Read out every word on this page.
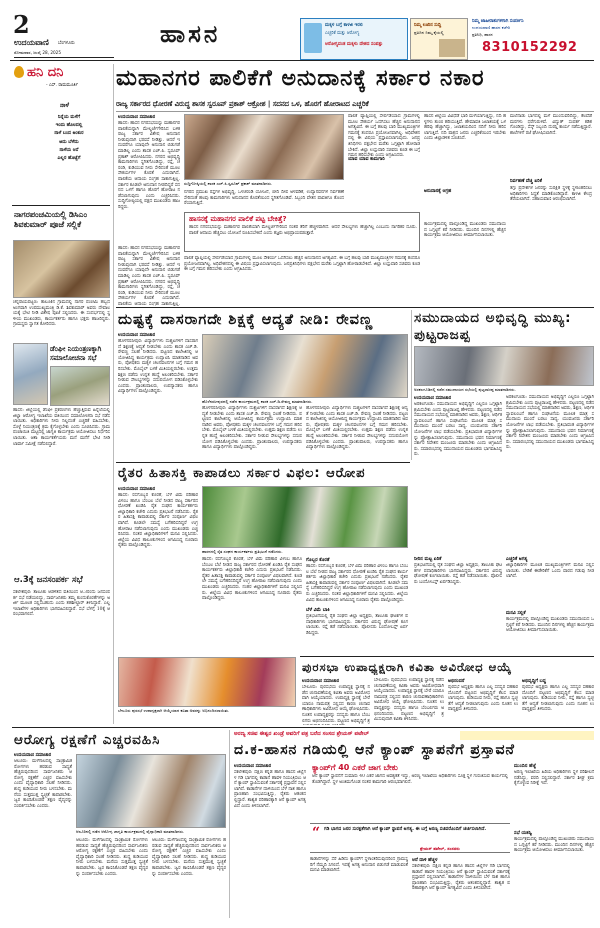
2
ಉದಯವಾಣಿ ಬೆಂಗಳೂರು
ಸೋಮವಾರ, ಜುಲೈ 28, 2025
ಹಾಸನ	ಮಕ್ಕಳ ಬಗ್ಗೆ ಕಾಳಜಿ ಇರಲಿ
ಎಚ್ಚರಿಕೆ ಮತ್ತು ಆರೋಗ್ಯ
ಆರೋಗ್ಯವಂತ ಮಕ್ಕಳು ದೇಶದ ಸಂಪತ್ತು
ನಿಮ್ಮ ಊರಿನ ಸುದ್ದಿ
ಪ್ರತಿದಿನ ನಿಮ್ಮ ಕೈಯಲ್ಲಿ
ನಿಮ್ಮ ಜಾಹೀರಾತುಗಳಿಗಾಗಿ ಸಂಪರ್ಕಿಸಿ
ಉದಯವಾಣಿ ಹಾಸನ ಕಚೇರಿ
ಪ್ರತಿನಿಧಿ, ಹಾಸನ
8310152292
ಹನಿ ದನಿ
- ಎಸ್. ರಾಮಮೂರ್ತಿ
ನಾಳೆ
ನಿನ್ನೆಯ ಮಳೆಗೆ
ಇಂದು ಹೊಲದಲ್ಲಿ
ನಾಳೆ ಬಂದ ಅಂಕುರ
ಅದು ಬೆಳೆದು
ನಾಳೆಯ ಆಸೆ
ಎಲ್ಲರ ಹೊಟ್ಟೆಗೆ
ನಾಗರಪಂಚಮಿಯಲ್ಲಿ ಡಿಸಿಎಂ ಶಿವಕುಮಾರ್ ಪೂಜೆ ಸಲ್ಲಿಕೆ
ಚನ್ನರಾಯಪಟ್ಟಣ: ತಾಲೂಕಿನ ಗ್ರಾಮದಲ್ಲಿ ನಾಗರ ಪಂಚಮಿ ಹಬ್ಬದ ಅಂಗವಾಗಿ ಉಪಮುಖ್ಯಮಂತ್ರಿ ಡಿ.ಕೆ. ಶಿವಕುಮಾರ್ ಅವರು ದೇವಾಲಯಕ್ಕೆ ಭೇಟಿ ನೀಡಿ ವಿಶೇಷ ಪೂಜೆ ಸಲ್ಲಿಸಿದರು. ಈ ಸಂದರ್ಭದಲ್ಲಿ ಸ್ಥಳೀಯ ಮುಖಂಡರು, ಕಾರ್ಯಕರ್ತರು ಹಾಗೂ ಭಕ್ತರು ಹಾಜರಿದ್ದರು. ಗ್ರಾಮಸ್ಥರು ಸ್ವಾಗತ ಕೋರಿದರು.
ಡೆಂಘೀ ನಿಯಂತ್ರಣಕ್ಕಾಗಿ ಸಮಾಲೋಚನಾ ಸಭೆ
ಹಾಸನ: ಜಿಲ್ಲೆಯಲ್ಲಿ ಡೆಂಘೀ ಪ್ರಕರಣಗಳು ಹೆಚ್ಚುತ್ತಿರುವ ಹಿನ್ನೆಲೆಯಲ್ಲಿ ಜಿಲ್ಲಾ ಆರೋಗ್ಯ ಇಲಾಖೆಯ ವತಿಯಿಂದ ಸಮಾಲೋಚನಾ ಸಭೆ ನಡೆಸಲಾಯಿತು. ಅಧಿಕಾರಿಗಳು ನೀರು ನಿಲ್ಲದಂತೆ ಎಚ್ಚರಿಕೆ ವಹಿಸಬೇಕು, ಸೊಳ್ಳೆ ನಿಯಂತ್ರಣಕ್ಕೆ ಕ್ರಮ ಕೈಗೊಳ್ಳಬೇಕು ಎಂದು ಸೂಚಿಸಿದರು. ಗ್ರಾಮ ಪಂಚಾಯಿತಿ ಮಟ್ಟದಲ್ಲಿ ಜಾಗೃತಿ ಕಾರ್ಯಕ್ರಮ ಆಯೋಜಿಸಲು ನಿರ್ಧರಿಸಲಾಯಿತು. ಆಶಾ ಕಾರ್ಯಕರ್ತೆಯರು ಮನೆ ಮನೆಗೆ ಭೇಟಿ ನೀಡಿ ಲಾರ್ವಾ ಸಮೀಕ್ಷೆ ನಡೆಸಲಿದ್ದಾರೆ.
ಆ.3ಕ್ಕೆ ಜನಸಂಪರ್ಕ ಸಭೆ
ಸಕಲೇಶಪುರ: ತಾಲೂಕು ಆಡಳಿತದ ವತಿಯಿಂದ ಆ.3ರಂದು ಜನಸಂಪರ್ಕ ಸಭೆ ನಡೆಯಲಿದ್ದು, ಸಾರ್ವಜನಿಕರು ತಮ್ಮ ಕುಂದುಕೊರತೆಗಳನ್ನು ಅರ್ಜಿ ಮೂಲಕ ಸಲ್ಲಿಸಬಹುದು ಎಂದು ತಹಶೀಲ್ದಾರ್ ತಿಳಿಸಿದ್ದಾರೆ. ಎಲ್ಲ ಇಲಾಖೆಗಳ ಅಧಿಕಾರಿಗಳು ಭಾಗವಹಿಸಲಿದ್ದಾರೆ. ಸಭೆ ಬೆಳಗ್ಗೆ 10ಕ್ಕೆ ಆರಂಭವಾಗಲಿದೆ.
ಮಹಾನಗರ ಪಾಲಿಕೆಗೆ ಅನುದಾನಕ್ಕೆ ಸರ್ಕಾರ ನಕಾರ
ರಾಜ್ಯ ಸರ್ಕಾರದ ಧೋರಣೆ ವಿರುದ್ಧ ಶಾಸಕ ಸ್ವರೂಪ್ ಪ್ರಕಾಶ್ ಆಕ್ರೋಶ | ಸದನದ ಒಳ, ಹೊರಗೆ ಹೋರಾಟದ ಎಚ್ಚರಿಕೆ
ಉದಯವಾಣಿ ಸಮಾಚಾರ
ಹಾಸನ: ಹಾಸನ ನಗರಸಭೆಯನ್ನು ಮಹಾನಗರ ಪಾಲಿಕೆಯನ್ನಾಗಿ ಮೇಲ್ದರ್ಜೆಗೇರಿಸಿದ ಬಳಿಕ ರಾಜ್ಯ ಸರ್ಕಾರ ವಿಶೇಷ ಅನುದಾನ ನೀಡುವುದಾಗಿ ಭರವಸೆ ನೀಡಿತ್ತು. ಆದರೆ ಇದುವರೆಗೂ ಯಾವುದೇ ಅನುದಾನ ಬಿಡುಗಡೆ ಮಾಡಿಲ್ಲ ಎಂದು ಶಾಸಕ ಎಚ್.ಪಿ. ಸ್ವರೂಪ್ ಪ್ರಕಾಶ್ ಆರೋಪಿಸಿದರು. ನಗರದ ಅಭಿವೃದ್ಧಿ ಕಾಮಗಾರಿಗಳು ಸ್ಥಗಿತಗೊಂಡಿದ್ದು, ರಸ್ತೆ, ಚರಂಡಿ, ಕುಡಿಯುವ ನೀರು ಸೇರಿದಂತೆ ಮೂಲ ಸೌಕರ್ಯಗಳ ಕೊರತೆ ಎದುರಾಗಿದೆ. ಪಾಲಿಕೆಯ ಆದಾಯ ಸಂಗ್ರಹ ಸಾಕಾಗುತ್ತಿಲ್ಲ. ಸರ್ಕಾರ ಕೂಡಲೇ ಅನುದಾನ ನೀಡದಿದ್ದರೆ ಸದನದ ಒಳಗೆ ಹಾಗೂ ಹೊರಗೆ ಹೋರಾಟ ನಡೆಸಲಾಗುವುದು ಎಂದು ಎಚ್ಚರಿಸಿದರು. ಸುದ್ದಿಗೋಷ್ಠಿಯಲ್ಲಿ ಪಕ್ಷದ ಮುಖಂಡರು ಹಾಜರಿದ್ದರು.
ಸುದ್ದಿಗೋಷ್ಠಿಯಲ್ಲಿ ಶಾಸಕ ಎಚ್.ಪಿ.ಸ್ವರೂಪ್ ಪ್ರಕಾಶ್ ಮಾತನಾಡಿದರು.
ನಗರದ ಪ್ರಮುಖ ರಸ್ತೆಗಳ ಅಭಿವೃದ್ಧಿ, ಒಳಚರಂಡಿ ಯೋಜನೆ, ಬೀದಿ ದೀಪ ಅಳವಡಿಕೆ, ಉದ್ಯಾನವನಗಳ ನಿರ್ವಹಣೆ ಸೇರಿದಂತೆ ಹಲವು ಕಾಮಗಾರಿಗಳು ಅನುದಾನದ ಕೊರತೆಯಿಂದ ಸ್ಥಗಿತಗೊಂಡಿವೆ. ಸಿಬ್ಬಂದಿ ವೇತನ ಪಾವತಿಗೂ ತೊಂದರೆಯಾಗುತ್ತಿದೆ.
ಪಾಲಿಕೆ ವ್ಯಾಪ್ತಿಯಲ್ಲಿ ಸೇರ್ಪಡೆಯಾದ ಗ್ರಾಮಗಳಲ್ಲಿ ಮೂಲ ಸೌಕರ್ಯ ಒದಗಿಸಲು ಹೆಚ್ಚಿನ ಅನುದಾನದ ಅಗತ್ಯವಿದೆ. ಈ ಬಗ್ಗೆ ಹಲವು ಬಾರಿ ಮುಖ್ಯಮಂತ್ರಿಗಳ ಗಮನಕ್ಕೆ ತಂದರೂ ಪ್ರಯೋಜನವಾಗಿಲ್ಲ. ಅಧಿವೇಶನದಲ್ಲಿ ಈ ವಿಷಯ ಪ್ರಸ್ತಾಪಿಸಲಾಗುವುದು. ಜನಪ್ರತಿನಿಧಿಗಳು ಪಕ್ಷಭೇದ ಮರೆತು ಒಗ್ಗಟ್ಟಾಗಿ ಹೋರಾಡಬೇಕಿದೆ. ಜಿಲ್ಲಾ ಉಸ್ತುವಾರಿ ಸಚಿವರು ಕೂಡ ಈ ಬಗ್ಗೆ ಗಮನ ಹರಿಸಬೇಕು ಎಂದು ಆಗ್ರಹಿಸಿದರು.
ಯಾವ ಯಾವ ಕಾಮಗಾರಿ
ಹಾಸನ ಜಿಲ್ಲೆಯ ವಿವಿಧೆಡೆ ಭಾರಿ ಮಳೆಯಾಗುತ್ತಿದ್ದು, ನದಿ ಹಳ್ಳಗಳು ತುಂಬಿ ಹರಿಯುತ್ತಿವೆ. ಹೇಮಾವತಿ ಜಲಾಶಯಕ್ಕೆ ಒಳಹರಿವು ಹೆಚ್ಚಾಗಿದ್ದು, ಜಲಾಶಯದಿಂದ ನದಿಗೆ ನೀರು ಹರಿಸಲಾಗುತ್ತಿದೆ. ನದಿ ಪಾತ್ರದ ಜನರು ಎಚ್ಚರಿಕೆಯಿಂದ ಇರಬೇಕು ಎಂದು ಜಿಲ್ಲಾಡಳಿತ ಸೂಚಿಸಿದೆ.
ಅನುದಾನಕ್ಕೆ ಆಗ್ರಹ
ಮಲೆನಾಡು ಭಾಗದಲ್ಲಿ ಮಳೆ ಮುಂದುವರಿದಿದ್ದು, ಕೆಲವೆಡೆ ಮರಗಳು ಧರೆಗುರುಳಿವೆ. ವಿದ್ಯುತ್ ಸಂಪರ್ಕ ಕಡಿತಗೊಂಡಿದ್ದು, ಸೆಸ್ಕ್ ಸಿಬ್ಬಂದಿ ದುರಸ್ತಿ ಕಾರ್ಯ ನಡೆಸುತ್ತಿದ್ದಾರೆ. ಶಾಲೆಗಳಿಗೆ ರಜೆ ಘೋಷಿಸಲಾಗಿದೆ.
ನಿರ್ವಹಣೆ ವೆಚ್ಚ ಏರಿಕೆ
ತಗ್ಗು ಪ್ರದೇಶಗಳ ಜನರನ್ನು ಸುರಕ್ಷಿತ ಸ್ಥಳಕ್ಕೆ ಸ್ಥಳಾಂತರಿಸಲು ಅಧಿಕಾರಿಗಳು ಸಿದ್ಧತೆ ಮಾಡಿಕೊಂಡಿದ್ದಾರೆ. ಕಾಳಜಿ ಕೇಂದ್ರ ತೆರೆಯಲಾಗಿದೆ. ಸಹಾಯವಾಣಿ ಆರಂಭಿಸಲಾಗಿದೆ.
ಹಾಸನಕ್ಕೆ ಮಹಾನಗರ ಪಾಲಿಕೆ ಪಟ್ಟ ಬೇಕಿತ್ತೆ?
ಹಾಸನ ನಗರಸಭೆಯನ್ನು ಮಹಾನಗರ ಪಾಲಿಕೆಯಾಗಿ ಮೇಲ್ದರ್ಜೆಗೇರಿಸಿದ ನಂತರ ತೆರಿಗೆ ಹೆಚ್ಚಳವಾಗಿದೆ. ಆದರೆ ಸೌಲಭ್ಯಗಳು ಹೆಚ್ಚಾಗಿಲ್ಲ ಎಂಬುದು ನಾಗರಿಕರ ದೂರು. ಪಾಲಿಕೆ ಆದಾಯ ಹೆಚ್ಚಿಸಲು ಯೋಜನೆ ರೂಪಿಸಬೇಕಿದೆ ಎಂದು ತಜ್ಞರು ಅಭಿಪ್ರಾಯಪಡುತ್ತಾರೆ.
ಹಾಸನ: ಹಾಸನ ನಗರಸಭೆಯನ್ನು ಮಹಾನಗರ ಪಾಲಿಕೆಯನ್ನಾಗಿ ಮೇಲ್ದರ್ಜೆಗೇರಿಸಿದ ಬಳಿಕ ರಾಜ್ಯ ಸರ್ಕಾರ ವಿಶೇಷ ಅನುದಾನ ನೀಡುವುದಾಗಿ ಭರವಸೆ ನೀಡಿತ್ತು. ಆದರೆ ಇದುವರೆಗೂ ಯಾವುದೇ ಅನುದಾನ ಬಿಡುಗಡೆ ಮಾಡಿಲ್ಲ ಎಂದು ಶಾಸಕ ಎಚ್.ಪಿ. ಸ್ವರೂಪ್ ಪ್ರಕಾಶ್ ಆರೋಪಿಸಿದರು. ನಗರದ ಅಭಿವೃದ್ಧಿ ಕಾಮಗಾರಿಗಳು ಸ್ಥಗಿತಗೊಂಡಿದ್ದು, ರಸ್ತೆ, ಚರಂಡಿ, ಕುಡಿಯುವ ನೀರು ಸೇರಿದಂತೆ ಮೂಲ ಸೌಕರ್ಯಗಳ ಕೊರತೆ ಎದುರಾಗಿದೆ. ಪಾಲಿಕೆಯ ಆದಾಯ ಸಂಗ್ರಹ ಸಾಕಾಗುತ್ತಿಲ್ಲ.
ಪಾಲಿಕೆ ವ್ಯಾಪ್ತಿಯಲ್ಲಿ ಸೇರ್ಪಡೆಯಾದ ಗ್ರಾಮಗಳಲ್ಲಿ ಮೂಲ ಸೌಕರ್ಯ ಒದಗಿಸಲು ಹೆಚ್ಚಿನ ಅನುದಾನದ ಅಗತ್ಯವಿದೆ. ಈ ಬಗ್ಗೆ ಹಲವು ಬಾರಿ ಮುಖ್ಯಮಂತ್ರಿಗಳ ಗಮನಕ್ಕೆ ತಂದರೂ ಪ್ರಯೋಜನವಾಗಿಲ್ಲ. ಅಧಿವೇಶನದಲ್ಲಿ ಈ ವಿಷಯ ಪ್ರಸ್ತಾಪಿಸಲಾಗುವುದು. ಜನಪ್ರತಿನಿಧಿಗಳು ಪಕ್ಷಭೇದ ಮರೆತು ಒಗ್ಗಟ್ಟಾಗಿ ಹೋರಾಡಬೇಕಿದೆ. ಜಿಲ್ಲಾ ಉಸ್ತುವಾರಿ ಸಚಿವರು ಕೂಡ ಈ ಬಗ್ಗೆ ಗಮನ ಹರಿಸಬೇಕು ಎಂದು ಆಗ್ರಹಿಸಿದರು.
ಕಾರ್ಯಕ್ರಮದಲ್ಲಿ ಪಾಲ್ಗೊಂಡಿದ್ದ ಮುಖಂಡರು ಸಮುದಾಯದ ಒಗ್ಗಟ್ಟಿಗೆ ಕರೆ ನೀಡಿದರು. ಮುಂದಿನ ದಿನಗಳಲ್ಲಿ ಹೆಚ್ಚಿನ ಕಾರ್ಯಕ್ರಮ ಆಯೋಜಿಸಲು ತೀರ್ಮಾನಿಸಲಾಯಿತು.
ದುಷ್ಟಕ್ಕೆ ದಾಸರಾಗದೇ ಶಿಕ್ಷಕ್ಕೆ ಆದ್ಯತೆ ನೀಡಿ: ರೇವಣ್ಣ	ಸಮುದಾಯದ ಅಭಿವೃದ್ಧಿ ಮುಖ್ಯ: ಪುಟ್ಟರಾಜಪ್ಪ
ಉದಯವಾಣಿ ಸಮಾಚಾರ
ಹೊಳೆನರಸೀಪುರ: ವಿದ್ಯಾರ್ಥಿಗಳು ದುಶ್ಚಟಗಳಿಗೆ ದಾಸರಾಗದೆ ಶಿಕ್ಷಣಕ್ಕೆ ಆದ್ಯತೆ ನೀಡಬೇಕು ಎಂದು ಶಾಸಕ ಎಚ್.ಡಿ. ರೇವಣ್ಣ ಸಲಹೆ ನೀಡಿದರು. ಪಟ್ಟಣದ ಕಾಲೇಜಿನಲ್ಲಿ ಆಯೋಜಿಸಿದ್ದ ಕಾರ್ಯಕ್ರಮ ಉದ್ಘಾಟಿಸಿ ಮಾತನಾಡಿದ ಅವರು, ಪೋಷಕರು ಮಕ್ಕಳ ಚಲನವಲನಗಳ ಬಗ್ಗೆ ಗಮನ ಹರಿಸಬೇಕು. ಮೊಬೈಲ್ ಬಳಕೆ ಮಿತಿಯಲ್ಲಿರಬೇಕು. ಉತ್ತಮ ಶಿಕ್ಷಣ ಪಡೆದು ಉನ್ನತ ಹುದ್ದೆ ಅಲಂಕರಿಸಬೇಕು. ಸರ್ಕಾರ ನೀಡುವ ಸೌಲಭ್ಯಗಳನ್ನು ಸದುಪಯೋಗ ಪಡಿಸಿಕೊಳ್ಳಬೇಕು ಎಂದರು. ಪ್ರಾಂಶುಪಾಲರು, ಉಪನ್ಯಾಸಕರು ಹಾಗೂ ವಿದ್ಯಾರ್ಥಿಗಳು ಪಾಲ್ಗೊಂಡಿದ್ದರು.
ಹೊಳೆನರಸೀಪುರದಲ್ಲಿ ನಡೆದ ಕಾರ್ಯಕ್ರಮದಲ್ಲಿ ಶಾಸಕ ಎಚ್.ಡಿ.ರೇವಣ್ಣ ಮಾತನಾಡಿದರು.
ಹೊಳೆನರಸೀಪುರ: ವಿದ್ಯಾರ್ಥಿಗಳು ದುಶ್ಚಟಗಳಿಗೆ ದಾಸರಾಗದೆ ಶಿಕ್ಷಣಕ್ಕೆ ಆದ್ಯತೆ ನೀಡಬೇಕು ಎಂದು ಶಾಸಕ ಎಚ್.ಡಿ. ರೇವಣ್ಣ ಸಲಹೆ ನೀಡಿದರು. ಪಟ್ಟಣದ ಕಾಲೇಜಿನಲ್ಲಿ ಆಯೋಜಿಸಿದ್ದ ಕಾರ್ಯಕ್ರಮ ಉದ್ಘಾಟಿಸಿ ಮಾತನಾಡಿದ ಅವರು, ಪೋಷಕರು ಮಕ್ಕಳ ಚಲನವಲನಗಳ ಬಗ್ಗೆ ಗಮನ ಹರಿಸಬೇಕು. ಮೊಬೈಲ್ ಬಳಕೆ ಮಿತಿಯಲ್ಲಿರಬೇಕು. ಉತ್ತಮ ಶಿಕ್ಷಣ ಪಡೆದು ಉನ್ನತ ಹುದ್ದೆ ಅಲಂಕರಿಸಬೇಕು. ಸರ್ಕಾರ ನೀಡುವ ಸೌಲಭ್ಯಗಳನ್ನು ಸದುಪಯೋಗ ಪಡಿಸಿಕೊಳ್ಳಬೇಕು ಎಂದರು. ಪ್ರಾಂಶುಪಾಲರು, ಉಪನ್ಯಾಸಕರು ಹಾಗೂ ವಿದ್ಯಾರ್ಥಿಗಳು ಪಾಲ್ಗೊಂಡಿದ್ದರು.
ಹೊಳೆನರಸೀಪುರ: ವಿದ್ಯಾರ್ಥಿಗಳು ದುಶ್ಚಟಗಳಿಗೆ ದಾಸರಾಗದೆ ಶಿಕ್ಷಣಕ್ಕೆ ಆದ್ಯತೆ ನೀಡಬೇಕು ಎಂದು ಶಾಸಕ ಎಚ್.ಡಿ. ರೇವಣ್ಣ ಸಲಹೆ ನೀಡಿದರು. ಪಟ್ಟಣದ ಕಾಲೇಜಿನಲ್ಲಿ ಆಯೋಜಿಸಿದ್ದ ಕಾರ್ಯಕ್ರಮ ಉದ್ಘಾಟಿಸಿ ಮಾತನಾಡಿದ ಅವರು, ಪೋಷಕರು ಮಕ್ಕಳ ಚಲನವಲನಗಳ ಬಗ್ಗೆ ಗಮನ ಹರಿಸಬೇಕು. ಮೊಬೈಲ್ ಬಳಕೆ ಮಿತಿಯಲ್ಲಿರಬೇಕು. ಉತ್ತಮ ಶಿಕ್ಷಣ ಪಡೆದು ಉನ್ನತ ಹುದ್ದೆ ಅಲಂಕರಿಸಬೇಕು. ಸರ್ಕಾರ ನೀಡುವ ಸೌಲಭ್ಯಗಳನ್ನು ಸದುಪಯೋಗ ಪಡಿಸಿಕೊಳ್ಳಬೇಕು ಎಂದರು. ಪ್ರಾಂಶುಪಾಲರು, ಉಪನ್ಯಾಸಕರು ಹಾಗೂ ವಿದ್ಯಾರ್ಥಿಗಳು ಪಾಲ್ಗೊಂಡಿದ್ದರು.
ಅರಕಲಗೂಡಿನಲ್ಲಿ ನಡೆದ ಸಮುದಾಯದ ಸಭೆಯಲ್ಲಿ ಪುಟ್ಟರಾಜಪ್ಪ ಮಾತನಾಡಿದರು.
ಉದಯವಾಣಿ ಸಮಾಚಾರ
ಅರಕಲಗೂಡು: ಸಮುದಾಯದ ಅಭಿವೃದ್ಧಿಗೆ ಎಲ್ಲರೂ ಒಗ್ಗಟ್ಟಾಗಿ ಶ್ರಮಿಸಬೇಕು ಎಂದು ಪುಟ್ಟರಾಜಪ್ಪ ಹೇಳಿದರು. ಪಟ್ಟಣದಲ್ಲಿ ನಡೆದ ಸಮುದಾಯದ ಸಭೆಯಲ್ಲಿ ಮಾತನಾಡಿದ ಅವರು, ಶಿಕ್ಷಣ, ಆರ್ಥಿಕ ಸ್ವಾವಲಂಬನೆ ಹಾಗೂ ಸಂಘಟನೆಯ ಮೂಲಕ ಮಾತ್ರ ಸಮುದಾಯ ಮುಂದೆ ಬರಲು ಸಾಧ್ಯ. ಯುವಜನರು ಸರ್ಕಾರಿ ಯೋಜನೆಗಳ ಲಾಭ ಪಡೆಯಬೇಕು. ಪ್ರತಿಭಾವಂತ ವಿದ್ಯಾರ್ಥಿಗಳನ್ನು ಪ್ರೋತ್ಸಾಹಿಸಲಾಗುವುದು. ಸಮುದಾಯ ಭವನ ನಿರ್ಮಾಣಕ್ಕೆ ಸರ್ಕಾರ ನಿವೇಶನ ಮಂಜೂರು ಮಾಡಬೇಕು ಎಂದು ಆಗ್ರಹಿಸಿದರು. ಸಮಾರಂಭದಲ್ಲಿ ಸಮುದಾಯದ ಮುಖಂಡರು ಭಾಗವಹಿಸಿದ್ದರು.
ಅರಕಲಗೂಡು: ಸಮುದಾಯದ ಅಭಿವೃದ್ಧಿಗೆ ಎಲ್ಲರೂ ಒಗ್ಗಟ್ಟಾಗಿ ಶ್ರಮಿಸಬೇಕು ಎಂದು ಪುಟ್ಟರಾಜಪ್ಪ ಹೇಳಿದರು. ಪಟ್ಟಣದಲ್ಲಿ ನಡೆದ ಸಮುದಾಯದ ಸಭೆಯಲ್ಲಿ ಮಾತನಾಡಿದ ಅವರು, ಶಿಕ್ಷಣ, ಆರ್ಥಿಕ ಸ್ವಾವಲಂಬನೆ ಹಾಗೂ ಸಂಘಟನೆಯ ಮೂಲಕ ಮಾತ್ರ ಸಮುದಾಯ ಮುಂದೆ ಬರಲು ಸಾಧ್ಯ. ಯುವಜನರು ಸರ್ಕಾರಿ ಯೋಜನೆಗಳ ಲಾಭ ಪಡೆಯಬೇಕು. ಪ್ರತಿಭಾವಂತ ವಿದ್ಯಾರ್ಥಿಗಳನ್ನು ಪ್ರೋತ್ಸಾಹಿಸಲಾಗುವುದು. ಸಮುದಾಯ ಭವನ ನಿರ್ಮಾಣಕ್ಕೆ ಸರ್ಕಾರ ನಿವೇಶನ ಮಂಜೂರು ಮಾಡಬೇಕು ಎಂದು ಆಗ್ರಹಿಸಿದರು. ಸಮಾರಂಭದಲ್ಲಿ ಸಮುದಾಯದ ಮುಖಂಡರು ಭಾಗವಹಿಸಿದ್ದರು.
ರೈತರ ಹಿತಾಸಕ್ತಿ ಕಾಪಾಡಲು ಸರ್ಕಾರ ವಿಫಲ: ಆರೋಪ
ಉದಯವಾಣಿ ಸಮಾಚಾರ
ಹಾಸನ: ರಸಗೊಬ್ಬರ ಕೊರತೆ, ಬೆಳೆ ವಿಮೆ ಪರಿಹಾರ ವಿಳಂಬ ಹಾಗೂ ಬೆಂಬಲ ಬೆಲೆ ನೀಡದ ರಾಜ್ಯ ಸರ್ಕಾರದ ಧೋರಣೆ ಖಂಡಿಸಿ ರೈತ ಸಂಘದ ಕಾರ್ಯಕರ್ತರು ಜಿಲ್ಲಾಧಿಕಾರಿ ಕಚೇರಿ ಎದುರು ಪ್ರತಿಭಟನೆ ನಡೆಸಿದರು. ರೈತರ ಹಿತಾಸಕ್ತಿ ಕಾಪಾಡುವಲ್ಲಿ ಸರ್ಕಾರ ಸಂಪೂರ್ಣ ವಿಫಲವಾಗಿದೆ. ಕೂಡಲೇ ಸಮಸ್ಯೆ ಬಗೆಹರಿಸದಿದ್ದರೆ ಉಗ್ರ ಹೋರಾಟ ನಡೆಸಲಾಗುವುದು ಎಂದು ಮುಖಂಡರು ಎಚ್ಚರಿಸಿದರು. ನಂತರ ಜಿಲ್ಲಾಧಿಕಾರಿಗಳಿಗೆ ಮನವಿ ಸಲ್ಲಿಸಿದರು. ಜಿಲ್ಲೆಯ ವಿವಿಧ ತಾಲೂಕುಗಳಿಂದ ಆಗಮಿಸಿದ್ದ ನೂರಾರು ರೈತರು ಪಾಲ್ಗೊಂಡಿದ್ದರು.
ಹಾಸನದಲ್ಲಿ ರೈತ ಸಂಘದ ಕಾರ್ಯಕರ್ತರು ಪ್ರತಿಭಟನೆ ನಡೆಸಿದರು.
ಹಾಸನ: ರಸಗೊಬ್ಬರ ಕೊರತೆ, ಬೆಳೆ ವಿಮೆ ಪರಿಹಾರ ವಿಳಂಬ ಹಾಗೂ ಬೆಂಬಲ ಬೆಲೆ ನೀಡದ ರಾಜ್ಯ ಸರ್ಕಾರದ ಧೋರಣೆ ಖಂಡಿಸಿ ರೈತ ಸಂಘದ ಕಾರ್ಯಕರ್ತರು ಜಿಲ್ಲಾಧಿಕಾರಿ ಕಚೇರಿ ಎದುರು ಪ್ರತಿಭಟನೆ ನಡೆಸಿದರು. ರೈತರ ಹಿತಾಸಕ್ತಿ ಕಾಪಾಡುವಲ್ಲಿ ಸರ್ಕಾರ ಸಂಪೂರ್ಣ ವಿಫಲವಾಗಿದೆ. ಕೂಡಲೇ ಸಮಸ್ಯೆ ಬಗೆಹರಿಸದಿದ್ದರೆ ಉಗ್ರ ಹೋರಾಟ ನಡೆಸಲಾಗುವುದು ಎಂದು ಮುಖಂಡರು ಎಚ್ಚರಿಸಿದರು. ನಂತರ ಜಿಲ್ಲಾಧಿಕಾರಿಗಳಿಗೆ ಮನವಿ ಸಲ್ಲಿಸಿದರು. ಜಿಲ್ಲೆಯ ವಿವಿಧ ತಾಲೂಕುಗಳಿಂದ ಆಗಮಿಸಿದ್ದ ನೂರಾರು ರೈತರು ಪಾಲ್ಗೊಂಡಿದ್ದರು.
ಗೊಬ್ಬರ ಕೊರತೆ
ಹಾಸನ: ರಸಗೊಬ್ಬರ ಕೊರತೆ, ಬೆಳೆ ವಿಮೆ ಪರಿಹಾರ ವಿಳಂಬ ಹಾಗೂ ಬೆಂಬಲ ಬೆಲೆ ನೀಡದ ರಾಜ್ಯ ಸರ್ಕಾರದ ಧೋರಣೆ ಖಂಡಿಸಿ ರೈತ ಸಂಘದ ಕಾರ್ಯಕರ್ತರು ಜಿಲ್ಲಾಧಿಕಾರಿ ಕಚೇರಿ ಎದುರು ಪ್ರತಿಭಟನೆ ನಡೆಸಿದರು. ರೈತರ ಹಿತಾಸಕ್ತಿ ಕಾಪಾಡುವಲ್ಲಿ ಸರ್ಕಾರ ಸಂಪೂರ್ಣ ವಿಫಲವಾಗಿದೆ. ಕೂಡಲೇ ಸಮಸ್ಯೆ ಬಗೆಹರಿಸದಿದ್ದರೆ ಉಗ್ರ ಹೋರಾಟ ನಡೆಸಲಾಗುವುದು ಎಂದು ಮುಖಂಡರು ಎಚ್ಚರಿಸಿದರು. ನಂತರ ಜಿಲ್ಲಾಧಿಕಾರಿಗಳಿಗೆ ಮನವಿ ಸಲ್ಲಿಸಿದರು. ಜಿಲ್ಲೆಯ ವಿವಿಧ ತಾಲೂಕುಗಳಿಂದ ಆಗಮಿಸಿದ್ದ ನೂರಾರು ರೈತರು ಪಾಲ್ಗೊಂಡಿದ್ದರು.
ಬೆಳೆ ವಿಮೆ ಬಾಕಿ
ಪ್ರತಿಭಟನೆಯಲ್ಲಿ ರೈತ ಸಂಘದ ಜಿಲ್ಲಾ ಅಧ್ಯಕ್ಷರು, ತಾಲೂಕು ಘಟಕಗಳ ಪದಾಧಿಕಾರಿಗಳು ಭಾಗವಹಿಸಿದ್ದರು. ಸರ್ಕಾರದ ವಿರುದ್ಧ ಘೋಷಣೆ ಕೂಗಲಾಯಿತು. ರಸ್ತೆ ತಡೆ ನಡೆಸಲಾಯಿತು. ಪೊಲೀಸರು ಬಂದೋಬಸ್ತ್ ಏರ್ಪಡಿಸಿದ್ದರು.
ನೀರಿನ ಮಟ್ಟ ಏರಿಕೆ
ಪ್ರತಿಭಟನೆಯಲ್ಲಿ ರೈತ ಸಂಘದ ಜಿಲ್ಲಾ ಅಧ್ಯಕ್ಷರು, ತಾಲೂಕು ಘಟಕಗಳ ಪದಾಧಿಕಾರಿಗಳು ಭಾಗವಹಿಸಿದ್ದರು. ಸರ್ಕಾರದ ವಿರುದ್ಧ ಘೋಷಣೆ ಕೂಗಲಾಯಿತು. ರಸ್ತೆ ತಡೆ ನಡೆಸಲಾಯಿತು. ಪೊಲೀಸರು ಬಂದೋಬಸ್ತ್ ಏರ್ಪಡಿಸಿದ್ದರು.
ಎಚ್ಚರಿಕೆ ಅಗತ್ಯ
ಜಿಲ್ಲಾಧಿಕಾರಿಗಳ ಮೂಲಕ ಮುಖ್ಯಮಂತ್ರಿಗಳಿಗೆ ಮನವಿ ಸಲ್ಲಿಸಲಾಯಿತು. ಬೇಡಿಕೆ ಈಡೇರಿಕೆಗೆ ಒಂದು ವಾರದ ಗಡುವು ನೀಡಲಾಗಿದೆ.
ಮನವಿ ಸಲ್ಲಿಕೆ
ಕಾರ್ಯಕ್ರಮದಲ್ಲಿ ಪಾಲ್ಗೊಂಡಿದ್ದ ಮುಖಂಡರು ಸಮುದಾಯದ ಒಗ್ಗಟ್ಟಿಗೆ ಕರೆ ನೀಡಿದರು. ಮುಂದಿನ ದಿನಗಳಲ್ಲಿ ಹೆಚ್ಚಿನ ಕಾರ್ಯಕ್ರಮ ಆಯೋಜಿಸಲು ತೀರ್ಮಾನಿಸಲಾಯಿತು.
ಬೇಲೂರು ಪುರಸಭೆ ಉಪಾಧ್ಯಕ್ಷರಾಗಿ ಆಯ್ಕೆಯಾದ ಕವಿತಾ ಅವರನ್ನು ಅಭಿನಂದಿಸಲಾಯಿತು.
ಪುರಸಭಾ ಉಪಾಧ್ಯಕ್ಷರಾಗಿ ಕವಿತಾ ಅವಿರೋಧ ಆಯ್ಕೆ
ಉದಯವಾಣಿ ಸಮಾಚಾರ
ಬೇಲೂರು: ಪುರಸಭೆಯ ಉಪಾಧ್ಯಕ್ಷ ಸ್ಥಾನಕ್ಕೆ ನಡೆದ ಚುನಾವಣೆಯಲ್ಲಿ ಕವಿತಾ ಅವರು ಅವಿರೋಧವಾಗಿ ಆಯ್ಕೆಯಾದರು. ಉಪಾಧ್ಯಕ್ಷ ಸ್ಥಾನಕ್ಕೆ ಬೇರೆ ಯಾರೂ ನಾಮಪತ್ರ ಸಲ್ಲಿಸದ ಕಾರಣ ಚುನಾವಣಾಧಿಕಾರಿಗಳು ಅವಿರೋಧ ಆಯ್ಕೆ ಘೋಷಿಸಿದರು. ನೂತನ ಉಪಾಧ್ಯಕ್ಷರನ್ನು ಸದಸ್ಯರು ಹಾಗೂ ಬೆಂಬಲಿಗರು ಅಭಿನಂದಿಸಿದರು. ಪಟ್ಟಣದ ಅಭಿವೃದ್ಧಿಗೆ ಶ್ರ
ಬೇಲೂರು: ಪುರಸಭೆಯ ಉಪಾಧ್ಯಕ್ಷ ಸ್ಥಾನಕ್ಕೆ ನಡೆದ ಚುನಾವಣೆಯಲ್ಲಿ ಕವಿತಾ ಅವರು ಅವಿರೋಧವಾಗಿ ಆಯ್ಕೆಯಾದರು. ಉಪಾಧ್ಯಕ್ಷ ಸ್ಥಾನಕ್ಕೆ ಬೇರೆ ಯಾರೂ ನಾಮಪತ್ರ ಸಲ್ಲಿಸದ ಕಾರಣ ಚುನಾವಣಾಧಿಕಾರಿಗಳು ಅವಿರೋಧ ಆಯ್ಕೆ ಘೋಷಿಸಿದರು. ನೂತನ ಉಪಾಧ್ಯಕ್ಷರನ್ನು ಸದಸ್ಯರು ಹಾಗೂ ಬೆಂಬಲಿಗರು ಅಭಿನಂದಿಸಿದರು. ಪಟ್ಟಣದ ಅಭಿವೃದ್ಧಿಗೆ ಶ್ರಮಿಸುವುದಾಗಿ ಕವಿತಾ ತಿಳಿಸಿದರು.
ಅಭಿನಂದನೆ
ಪುರಸಭೆ ಅಧ್ಯಕ್ಷರು ಹಾಗೂ ಎಲ್ಲ ಸದಸ್ಯರ ಸಹಕಾರದೊಂದಿಗೆ ಪಟ್ಟಣದ ಅಭಿವೃದ್ಧಿಗೆ ಕೆಲಸ ಮಾಡಲಾಗುವುದು. ಕುಡಿಯುವ ನೀರು, ರಸ್ತೆ ಹಾಗೂ ಸ್ವಚ್ಛತೆಗೆ ಆದ್ಯತೆ ನೀಡಲಾಗುವುದು ಎಂದು ನೂತನ ಉಪಾಧ್ಯಕ್ಷರು ತಿಳಿಸಿದರು.
ಅಭಿವೃದ್ಧಿಗೆ ಬದ್ಧ
ಪುರಸಭೆ ಅಧ್ಯಕ್ಷರು ಹಾಗೂ ಎಲ್ಲ ಸದಸ್ಯರ ಸಹಕಾರದೊಂದಿಗೆ ಪಟ್ಟಣದ ಅಭಿವೃದ್ಧಿಗೆ ಕೆಲಸ ಮಾಡಲಾಗುವುದು. ಕುಡಿಯುವ ನೀರು, ರಸ್ತೆ ಹಾಗೂ ಸ್ವಚ್ಛತೆಗೆ ಆದ್ಯತೆ ನೀಡಲಾಗುವುದು ಎಂದು ನೂತನ ಉಪಾಧ್ಯಕ್ಷರು ತಿಳಿಸಿದರು.
ಆರೋಗ್ಯ ರಕ್ಷಣೆಗೆ ಎಚ್ಚರವಹಿಸಿ
ಉದಯವಾಣಿ ಸಮಾಚಾರ
ಆಲೂರು: ಮಳೆಗಾಲದಲ್ಲಿ ಸಾಂಕ್ರಾಮಿಕ ರೋಗಗಳು ಹರಡುವ ಸಾಧ್ಯತೆ ಹೆಚ್ಚಿರುವುದರಿಂದ ಸಾರ್ವಜನಿಕರು ಆರೋಗ್ಯ ರಕ್ಷಣೆಗೆ ಎಚ್ಚರ ವಹಿಸಬೇಕು ಎಂದು ವೈದ್ಯಾಧಿಕಾರಿ ಸಲಹೆ ನೀಡಿದರು. ಶುದ್ಧ ಕುಡಿಯುವ ನೀರು ಬಳಸಬೇಕು. ಮನೆಯ ಸುತ್ತಮುತ್ತ ಸ್ವಚ್ಛತೆ ಕಾಪಾಡಬೇಕು. ಜ್ವರ ಕಾಣಿಸಿಕೊಂಡರೆ ತಕ್ಷಣ ವೈದ್ಯರನ್ನು ಸಂಪರ್ಕಿಸಬೇಕು ಎಂದರು.
ಆಲೂರಿನಲ್ಲಿ ನಡೆದ ಆರೋಗ್ಯ ಜಾಗೃತಿ ಕಾರ್ಯಕ್ರಮದಲ್ಲಿ ವೈದ್ಯಾಧಿಕಾರಿ ಮಾತನಾಡಿದರು.
ಆಲೂರು: ಮಳೆಗಾಲದಲ್ಲಿ ಸಾಂಕ್ರಾಮಿಕ ರೋಗಗಳು ಹರಡುವ ಸಾಧ್ಯತೆ ಹೆಚ್ಚಿರುವುದರಿಂದ ಸಾರ್ವಜನಿಕರು ಆರೋಗ್ಯ ರಕ್ಷಣೆಗೆ ಎಚ್ಚರ ವಹಿಸಬೇಕು ಎಂದು ವೈದ್ಯಾಧಿಕಾರಿ ಸಲಹೆ ನೀಡಿದರು. ಶುದ್ಧ ಕುಡಿಯುವ ನೀರು ಬಳಸಬೇಕು. ಮನೆಯ ಸುತ್ತಮುತ್ತ ಸ್ವಚ್ಛತೆ ಕಾಪಾಡಬೇಕು. ಜ್ವರ ಕಾಣಿಸಿಕೊಂಡರೆ ತಕ್ಷಣ ವೈದ್ಯರನ್ನು ಸಂಪರ್ಕಿಸಬೇಕು ಎಂದರು.
ಆಲೂರು: ಮಳೆಗಾಲದಲ್ಲಿ ಸಾಂಕ್ರಾಮಿಕ ರೋಗಗಳು ಹರಡುವ ಸಾಧ್ಯತೆ ಹೆಚ್ಚಿರುವುದರಿಂದ ಸಾರ್ವಜನಿಕರು ಆರೋಗ್ಯ ರಕ್ಷಣೆಗೆ ಎಚ್ಚರ ವಹಿಸಬೇಕು ಎಂದು ವೈದ್ಯಾಧಿಕಾರಿ ಸಲಹೆ ನೀಡಿದರು. ಶುದ್ಧ ಕುಡಿಯುವ ನೀರು ಬಳಸಬೇಕು. ಮನೆಯ ಸುತ್ತಮುತ್ತ ಸ್ವಚ್ಛತೆ ಕಾಪಾಡಬೇಕು. ಜ್ವರ ಕಾಣಿಸಿಕೊಂಡರೆ ತಕ್ಷಣ ವೈದ್ಯರನ್ನು ಸಂಪರ್ಕಿಸಬೇಕು ಎಂದರು.
ಅರಣ್ಯ ಸಚಿವ ಈಶ್ವರ ಖಂಡ್ರೆ ಅವರಿಗೆ ಪತ್ರ ಬರೆದ ಸಂಸದ ಶ್ರೇಯಸ್ ಪಟೇಲ್
ದ.ಕ-ಹಾಸನ ಗಡಿಯಲ್ಲಿ ಆನೆ ಕ್ಯಾಂಪ್ ಸ್ಥಾಪನೆಗೆ ಪ್ರಸ್ತಾವನೆ
ಉದಯವಾಣಿ ಸಮಾಚಾರ
ಸಕಲೇಶಪುರ: ದಕ್ಷಿಣ ಕನ್ನಡ ಹಾಗೂ ಹಾಸನ ಜಿಲ್ಲೆಗಳ ಗಡಿ ಭಾಗದಲ್ಲಿ ಕಾಡಾನೆ ಹಾವಳಿ ನಿಯಂತ್ರಿಸಲು ಆನೆ ಕ್ಯಾಂಪ್ ಸ್ಥಾಪಿಸುವಂತೆ ಸರ್ಕಾರಕ್ಕೆ ಪ್ರಸ್ತಾವನೆ ಸಲ್ಲಿಸಲಾಗಿದೆ. ಕಾಡಾನೆಗಳ ದಾಳಿಯಿಂದ ಬೆಳೆ ನಾಶ ಹಾಗೂ ಪ್ರಾಣಹಾನಿ ಸಂಭವಿಸುತ್ತಿದ್ದು, ರೈತರು ಆತಂಕದಲ್ಲಿದ್ದಾರೆ. ಶಾಶ್ವತ ಪರಿಹಾರಕ್ಕಾಗಿ ಆನೆ ಕ್ಯಾಂಪ್ ಅಗತ್ಯವಿದೆ ಎಂದು ತಿಳಿಸಲಾಗಿದೆ.
ಕ್ಯಾಂಪ್‌ಗೆ 40 ಎಕರೆ ಜಾಗ ಬೇಕು
ಆನೆ ಕ್ಯಾಂಪ್ ಸ್ಥಾಪನೆಗೆ ಸುಮಾರು 40 ಎಕರೆ ಜಾಗದ ಅವಶ್ಯಕತೆ ಇದ್ದು, ಅರಣ್ಯ ಇಲಾಖೆಯ ಅಧಿಕಾರಿಗಳು ಸೂಕ್ತ ಸ್ಥಳ ಗುರುತಿಸುವ ಕಾರ್ಯದಲ್ಲಿ ತೊಡಗಿದ್ದಾರೆ. ಸ್ಥಳ ಅಂತಿಮಗೊಂಡ ನಂತರ ಕಾಮಗಾರಿ ಆರಂಭವಾಗಲಿದೆ.
“ ಗಡಿ ಭಾಗದ ಜನರ ಸುರಕ್ಷತೆಗಾಗಿ ಆನೆ ಕ್ಯಾಂಪ್ ಸ್ಥಾಪನೆ ಅಗತ್ಯ. ಈ ಬಗ್ಗೆ ಅರಣ್ಯ ಸಚಿವರೊಂದಿಗೆ ಚರ್ಚಿಸಲಾಗಿದೆ.
ಶ್ರೇಯಸ್ ಪಟೇಲ್, ಸಂಸದರು
ಕಾಡಾನೆಗಳನ್ನು ಸೆರೆ ಹಿಡಿದು ಕ್ಯಾಂಪ್‌ಗೆ ಸ್ಥಳಾಂತರಿಸುವುದರಿಂದ ಗ್ರಾಮಸ್ಥರಿಗೆ ನೆಮ್ಮದಿ ಸಿಗಲಿದೆ. ಇದಕ್ಕೆ ಅಗತ್ಯ ಅನುದಾನ ಬಿಡುಗಡೆ ಮಾಡುವಂತೆ ಮನವಿ ಮಾಡಲಾಗಿದೆ.
ಆನೆ ದಾಳಿ ಹೆಚ್ಚಳ
ಸಕಲೇಶಪುರ: ದಕ್ಷಿಣ ಕನ್ನಡ ಹಾಗೂ ಹಾಸನ ಜಿಲ್ಲೆಗಳ ಗಡಿ ಭಾಗದಲ್ಲಿ ಕಾಡಾನೆ ಹಾವಳಿ ನಿಯಂತ್ರಿಸಲು ಆನೆ ಕ್ಯಾಂಪ್ ಸ್ಥಾಪಿಸುವಂತೆ ಸರ್ಕಾರಕ್ಕೆ ಪ್ರಸ್ತಾವನೆ ಸಲ್ಲಿಸಲಾಗಿದೆ. ಕಾಡಾನೆಗಳ ದಾಳಿಯಿಂದ ಬೆಳೆ ನಾಶ ಹಾಗೂ ಪ್ರಾಣಹಾನಿ ಸಂಭವಿಸುತ್ತಿದ್ದು, ರೈತರು ಆತಂಕದಲ್ಲಿದ್ದಾರೆ. ಶಾಶ್ವತ ಪರಿಹಾರಕ್ಕಾಗಿ ಆನೆ ಕ್ಯಾಂಪ್ ಅಗತ್ಯವಿದೆ ಎಂದು ತಿಳಿಸಲಾಗಿದೆ.
ಮುಂದಿನ ಹೆಜ್ಜೆ
ಅರಣ್ಯ ಇಲಾಖೆಯ ಹಿರಿಯ ಅಧಿಕಾರಿಗಳು ಸ್ಥಳ ಪರಿಶೀಲನೆ ನಡೆಸಿದ್ದು, ವರದಿ ಸಲ್ಲಿಸಲಿದ್ದಾರೆ. ಸರ್ಕಾರ ಶೀಘ್ರ ಕ್ರಮ ಕೈಗೊಳ್ಳುವ ನಿರೀಕ್ಷೆ ಇದೆ.
ಸಭೆ ಯಶಸ್ವಿ
ಕಾರ್ಯಕ್ರಮದಲ್ಲಿ ಪಾಲ್ಗೊಂಡಿದ್ದ ಮುಖಂಡರು ಸಮುದಾಯದ ಒಗ್ಗಟ್ಟಿಗೆ ಕರೆ ನೀಡಿದರು. ಮುಂದಿನ ದಿನಗಳಲ್ಲಿ ಹೆಚ್ಚಿನ ಕಾರ್ಯಕ್ರಮ ಆಯೋಜಿಸಲು ತೀರ್ಮಾನಿಸಲಾಯಿತು.
